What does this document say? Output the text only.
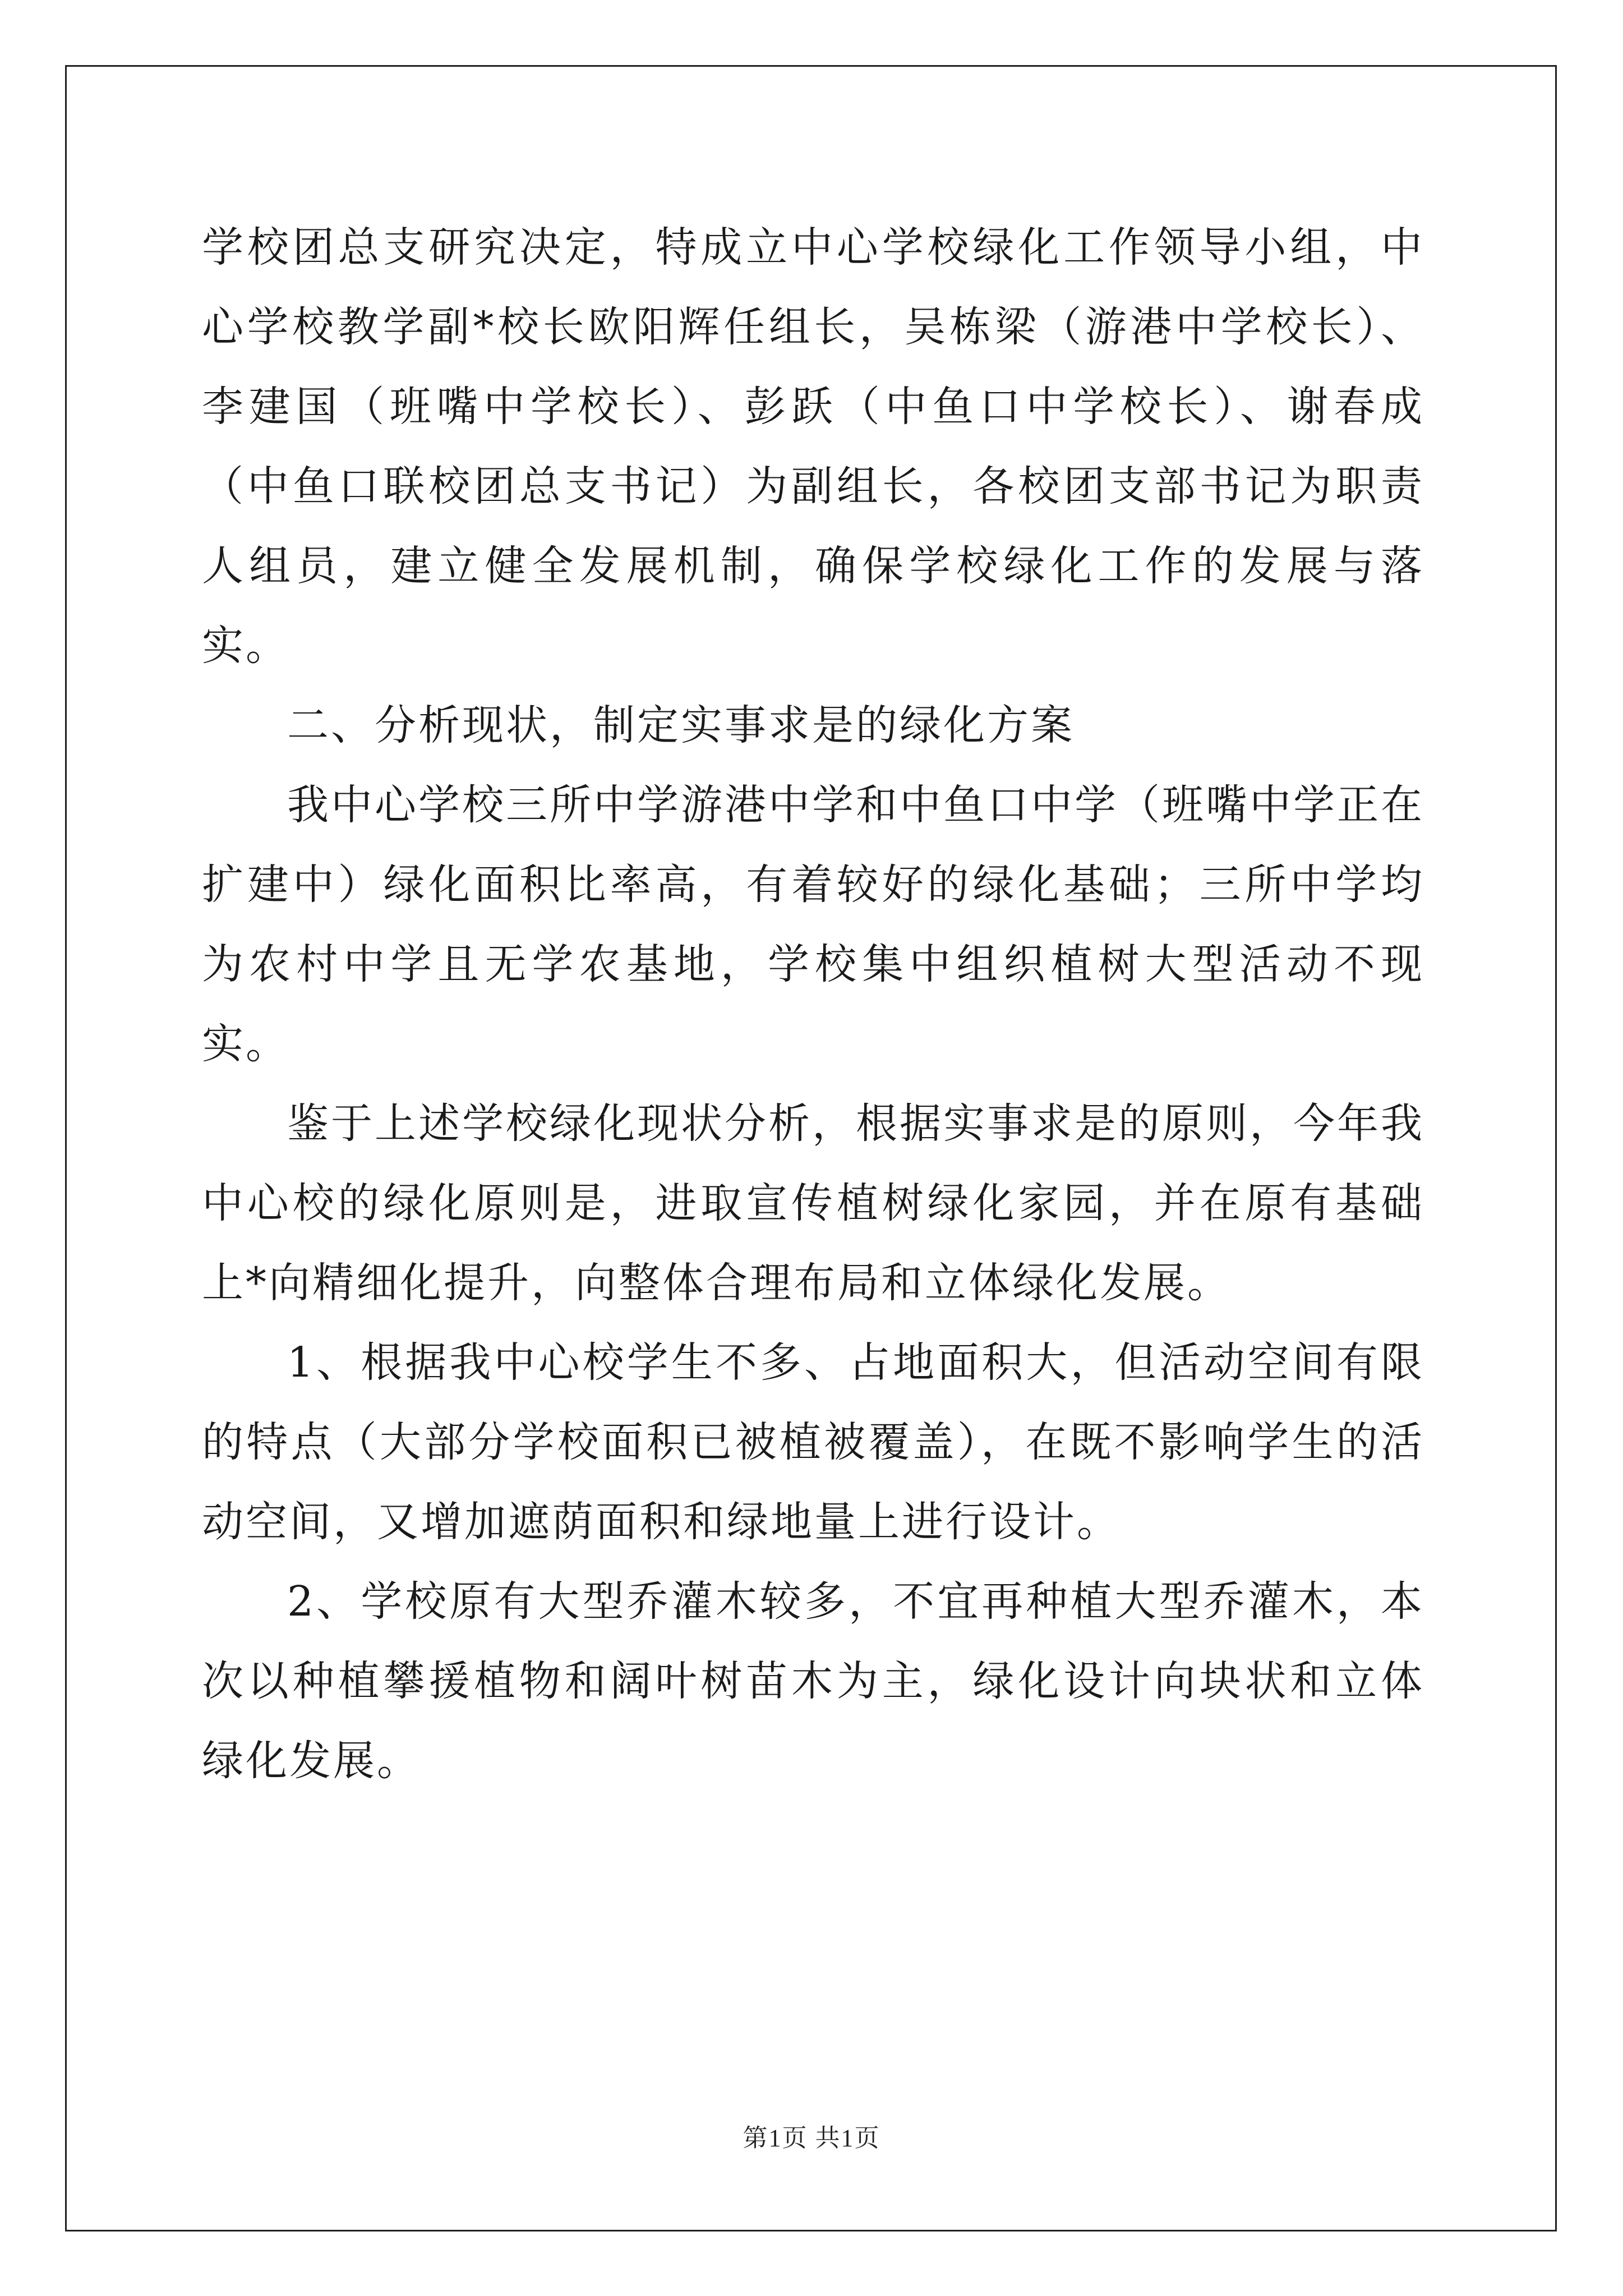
学校团总支研究决定，特成立中心学校绿化工作领导小组，中心学校教学副*校长欧阳辉任组长，吴栋梁（游港中学校长）、李建国（班嘴中学校长）、彭跃（中鱼口中学校长）、谢春成（中鱼口联校团总支书记）为副组长，各校团支部书记为职责人组员，建立健全发展机制，确保学校绿化工作的发展与落实。

二、分析现状，制定实事求是的绿化方案

我中心学校三所中学游港中学和中鱼口中学（班嘴中学正在扩建中）绿化面积比率高，有着较好的绿化基础；三所中学均为农村中学且无学农基地，学校集中组织植树大型活动不现实。

鉴于上述学校绿化现状分析，根据实事求是的原则，今年我中心校的绿化原则是，进取宣传植树绿化家园，并在原有基础上*向精细化提升，向整体合理布局和立体绿化发展。

1、根据我中心校学生不多、占地面积大，但活动空间有限的特点（大部分学校面积已被植被覆盖），在既不影响学生的活动空间，又增加遮荫面积和绿地量上进行设计。

2、学校原有大型乔灌木较多，不宜再种植大型乔灌木，本次以种植攀援植物和阔叶树苗木为主，绿化设计向块状和立体绿化发展。

第1页 共1页
